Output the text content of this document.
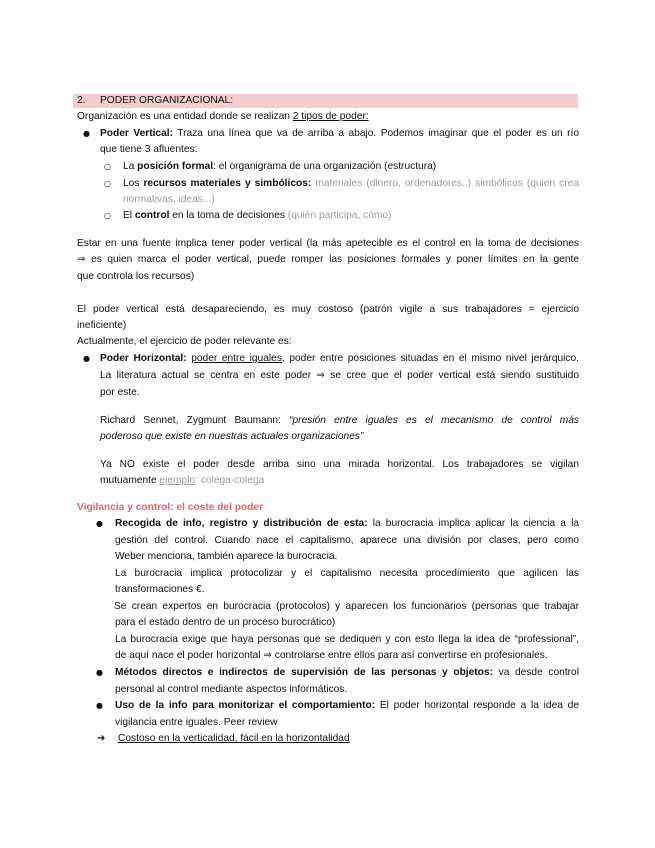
2. PODER ORGANIZACIONAL:
Organización es una entidad donde se realizan 2 tipos de poder:
● Poder Vertical: Traza una línea que va de arriba a abajo. Podemos imaginar que el poder es un río
que tiene 3 afluentes:
○ La posición formal: el organigrama de una organización (estructura)
○ Los recursos materiales y simbólicos: materiales (dinero, ordenadores..) simbólicos (quien crea
normativas, ideas...)
○ El control en la toma de decisiones (quién participa, cómo)
Estar en una fuente implica tener poder vertical (la más apetecible es el control en la toma de decisiones
⇒ es quien marca el poder vertical, puede romper las posiciones formales y poner límites en la gente
que controla los recursos)
El poder vertical está desapareciendo, es muy costoso (patrón vigile a sus trabajadores = ejercicio
ineficiente)
Actualmente, el ejercicio de poder relevante es:
● Poder Horizontal: poder entre iguales, poder entre posiciones situadas en el mismo nivel jerárquico.
La literatura actual se centra en este poder ⇒ se cree que el poder vertical está siendo sustituido
por este.
Richard Sennet, Zygmunt Baumann: “presión entre iguales es el mecanismo de control más
poderoso que existe en nuestras actuales organizaciones”
Ya NO existe el poder desde arriba sino una mirada horizontal. Los trabajadores se vigilan
mutuamente ejemplo: colega-colega
Vigilancia y control: el coste del poder
● Recogida de info, registro y distribución de esta: la burocracia implica aplicar la ciencia a la
gestión del control. Cuando nace el capitalismo, aparece una división por clases, pero como
Weber menciona, también aparece la burocracia.
La burocracia implica protocolizar y el capitalismo necesita procedimiento que agilicen las
transformaciones €.
Se crean expertos en burocracia (protocolos) y aparecen los funcionarios (personas que trabajar
para el estado dentro de un proceso burocrático)
La burocracia exige que haya personas que se dediquen y con esto llega la idea de “professional”,
de aquí nace el poder horizontal ⇒ controlarse entre ellos para así convertirse en profesionales.
● Métodos directos e indirectos de supervisión de las personas y objetos: va desde control
personal al control mediante aspectos informáticos.
● Uso de la info para monitorizar el comportamiento: El poder horizontal responde a la idea de
vigilancia entre iguales. Peer review
➔ Costoso en la verticalidad, fácil en la horizontalidad
